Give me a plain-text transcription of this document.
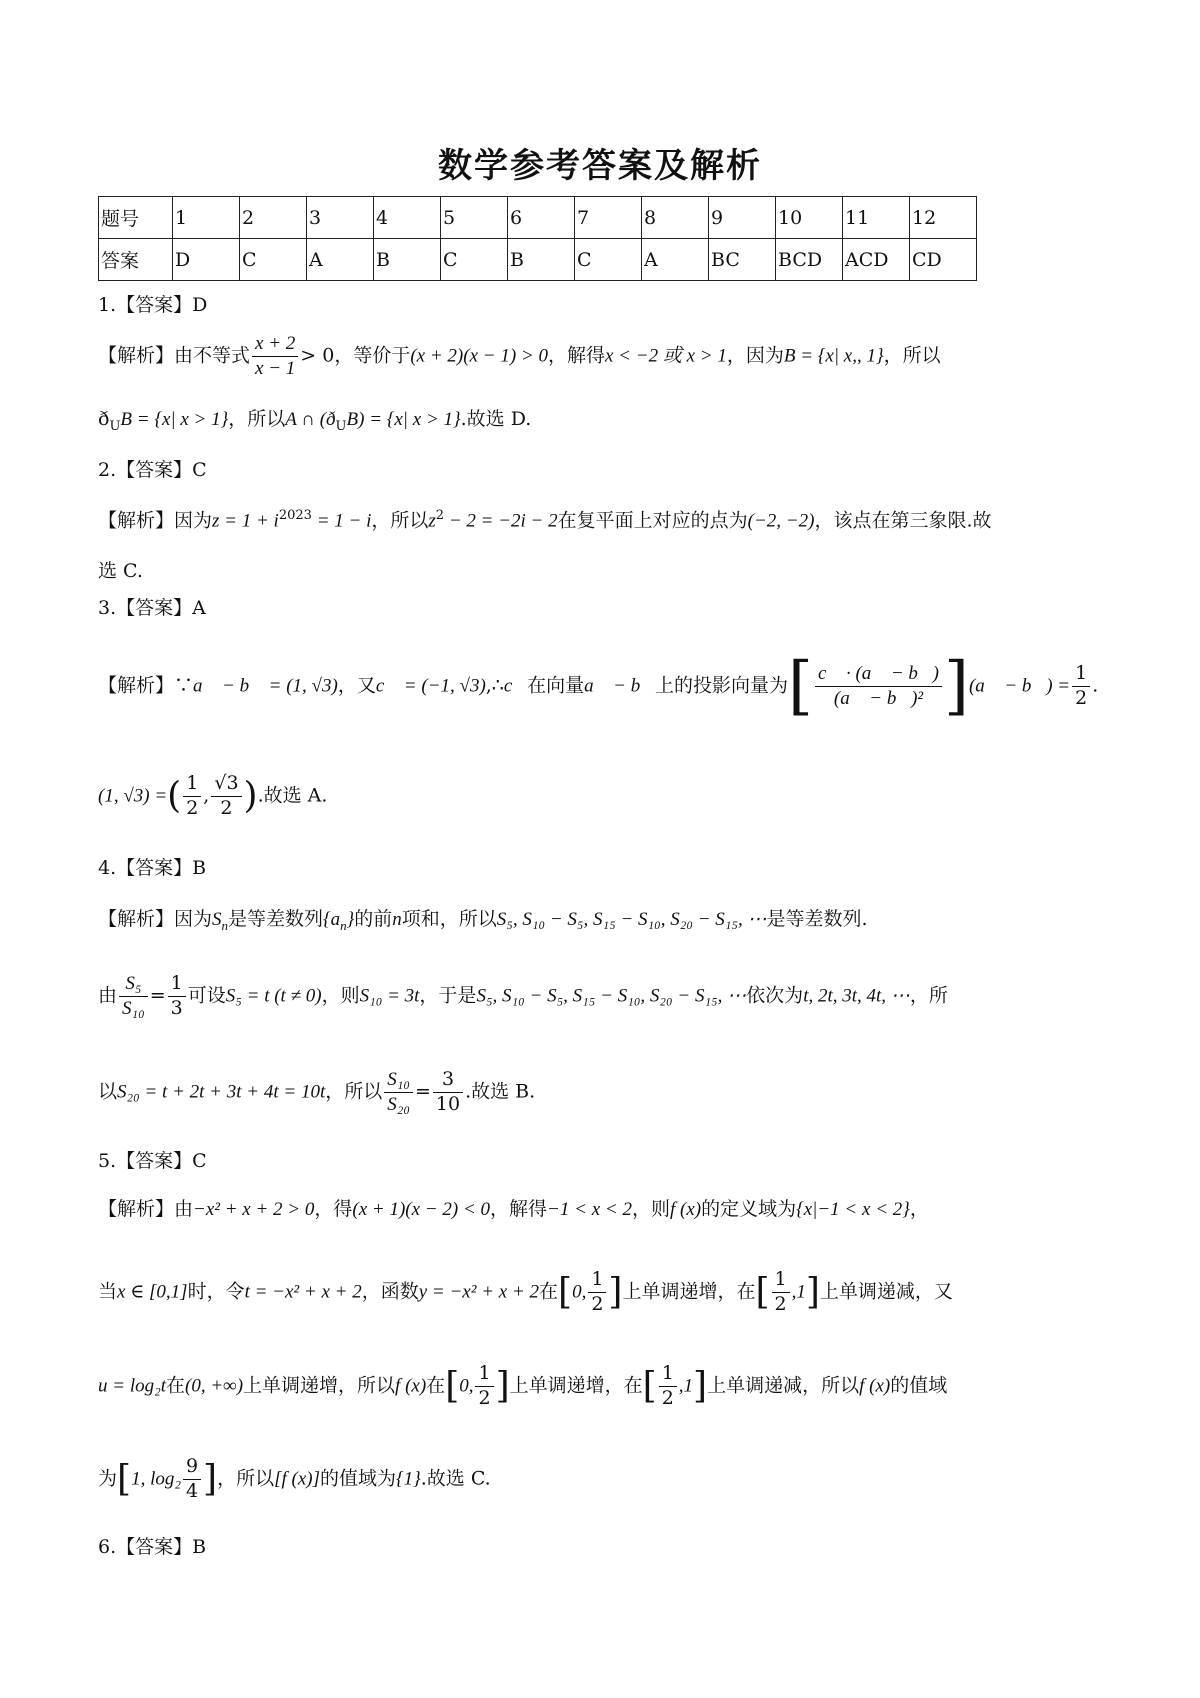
数学参考答案及解析
题号	1	2	3	4	5	6	7	8	9	10	11	12
答案	D	C	A	B	C	B	C	A	BC	BCD	ACD	CD
1.【答案】D
【解析】由不等式 $\frac{x + 2}{x - 1} > 0$，等价于(x + 2)(x − 1) > 0，解得x < −2 或 x > 1，因为B = {x| x,, 1}，所以
$ð_UB = \{x|$ x > 1}，所以A ∩ $(ð_UB) = \{x|$ x > 1}.故选 D.
2.【答案】C
【解析】因为$z = 1 + i^{2023} = 1 - i$，所以$z^2 - 2 = -2i - 2$在复平面上对应的点为(−2, −2)，该点在第三象限.故
选 C.
3.【答案】A
【解析】∵a⃗ − b⃗ = (1, √3)，又c⃗ = (−1, √3),∴c⃗在向量a⃗ − b⃗上的投影向量为[ $\frac{c⃗ \cdot (a⃗ - b⃗)}{\text{(a⃗ − b⃗)²}}$ ](a⃗ − b⃗) = $\frac{1}{2}$ .
(1, √3) =( $\frac{1}{2}$ , $\frac{√3}{2}$ ).故选 A.
4.【答案】B
【解析】因为$S_n$是等差数列$\{a_n\}$的前n项和，所以S₅, S₁₀ − S₅, S₁₅ − S₁₀, S₂₀ − S₁₅, ⋯是等差数列.
由 $\frac{\text{S₅}}{\text{S₁₀}} = \frac{1}{3}$ 可设S₅ = t (t ≠ 0)，则S₁₀ = 3t，于是S₅, S₁₀ − S₅, S₁₅ − S₁₀, S₂₀ − S₁₅, ⋯依次为t, 2t, 3t, 4t, ⋯，所
以S₂₀ = t + 2t + 3t + 4t = 10t，所以 $\frac{\text{S₁₀}}{\text{S₂₀}} = \frac{3}{10}$ .故选 B.
5.【答案】C
【解析】由−x² + x + 2 > 0，得(x + 1)(x − 2) < 0，解得−1 < x < 2，则f (x)的定义域为{x|−1 < x < 2}，
当x ∈ [0,1]时，令t = −x² + x + 2，函数y = −x² + x + 2在[0, $\frac{1}{2}$ ]上单调递增，在[ $\frac{1}{2} ,1$]上单调递减，又
u = log₂t在(0, +∞)上单调递增，所以f (x)在[0, $\frac{1}{2}$ ]上单调递增，在[ $\frac{1}{2} ,1$]上单调递减，所以f (x)的值域
为[1, $\log_2 \frac{9}{4}$ ]，所以[f (x)]的值域为{1}.故选 C.
6.【答案】B
